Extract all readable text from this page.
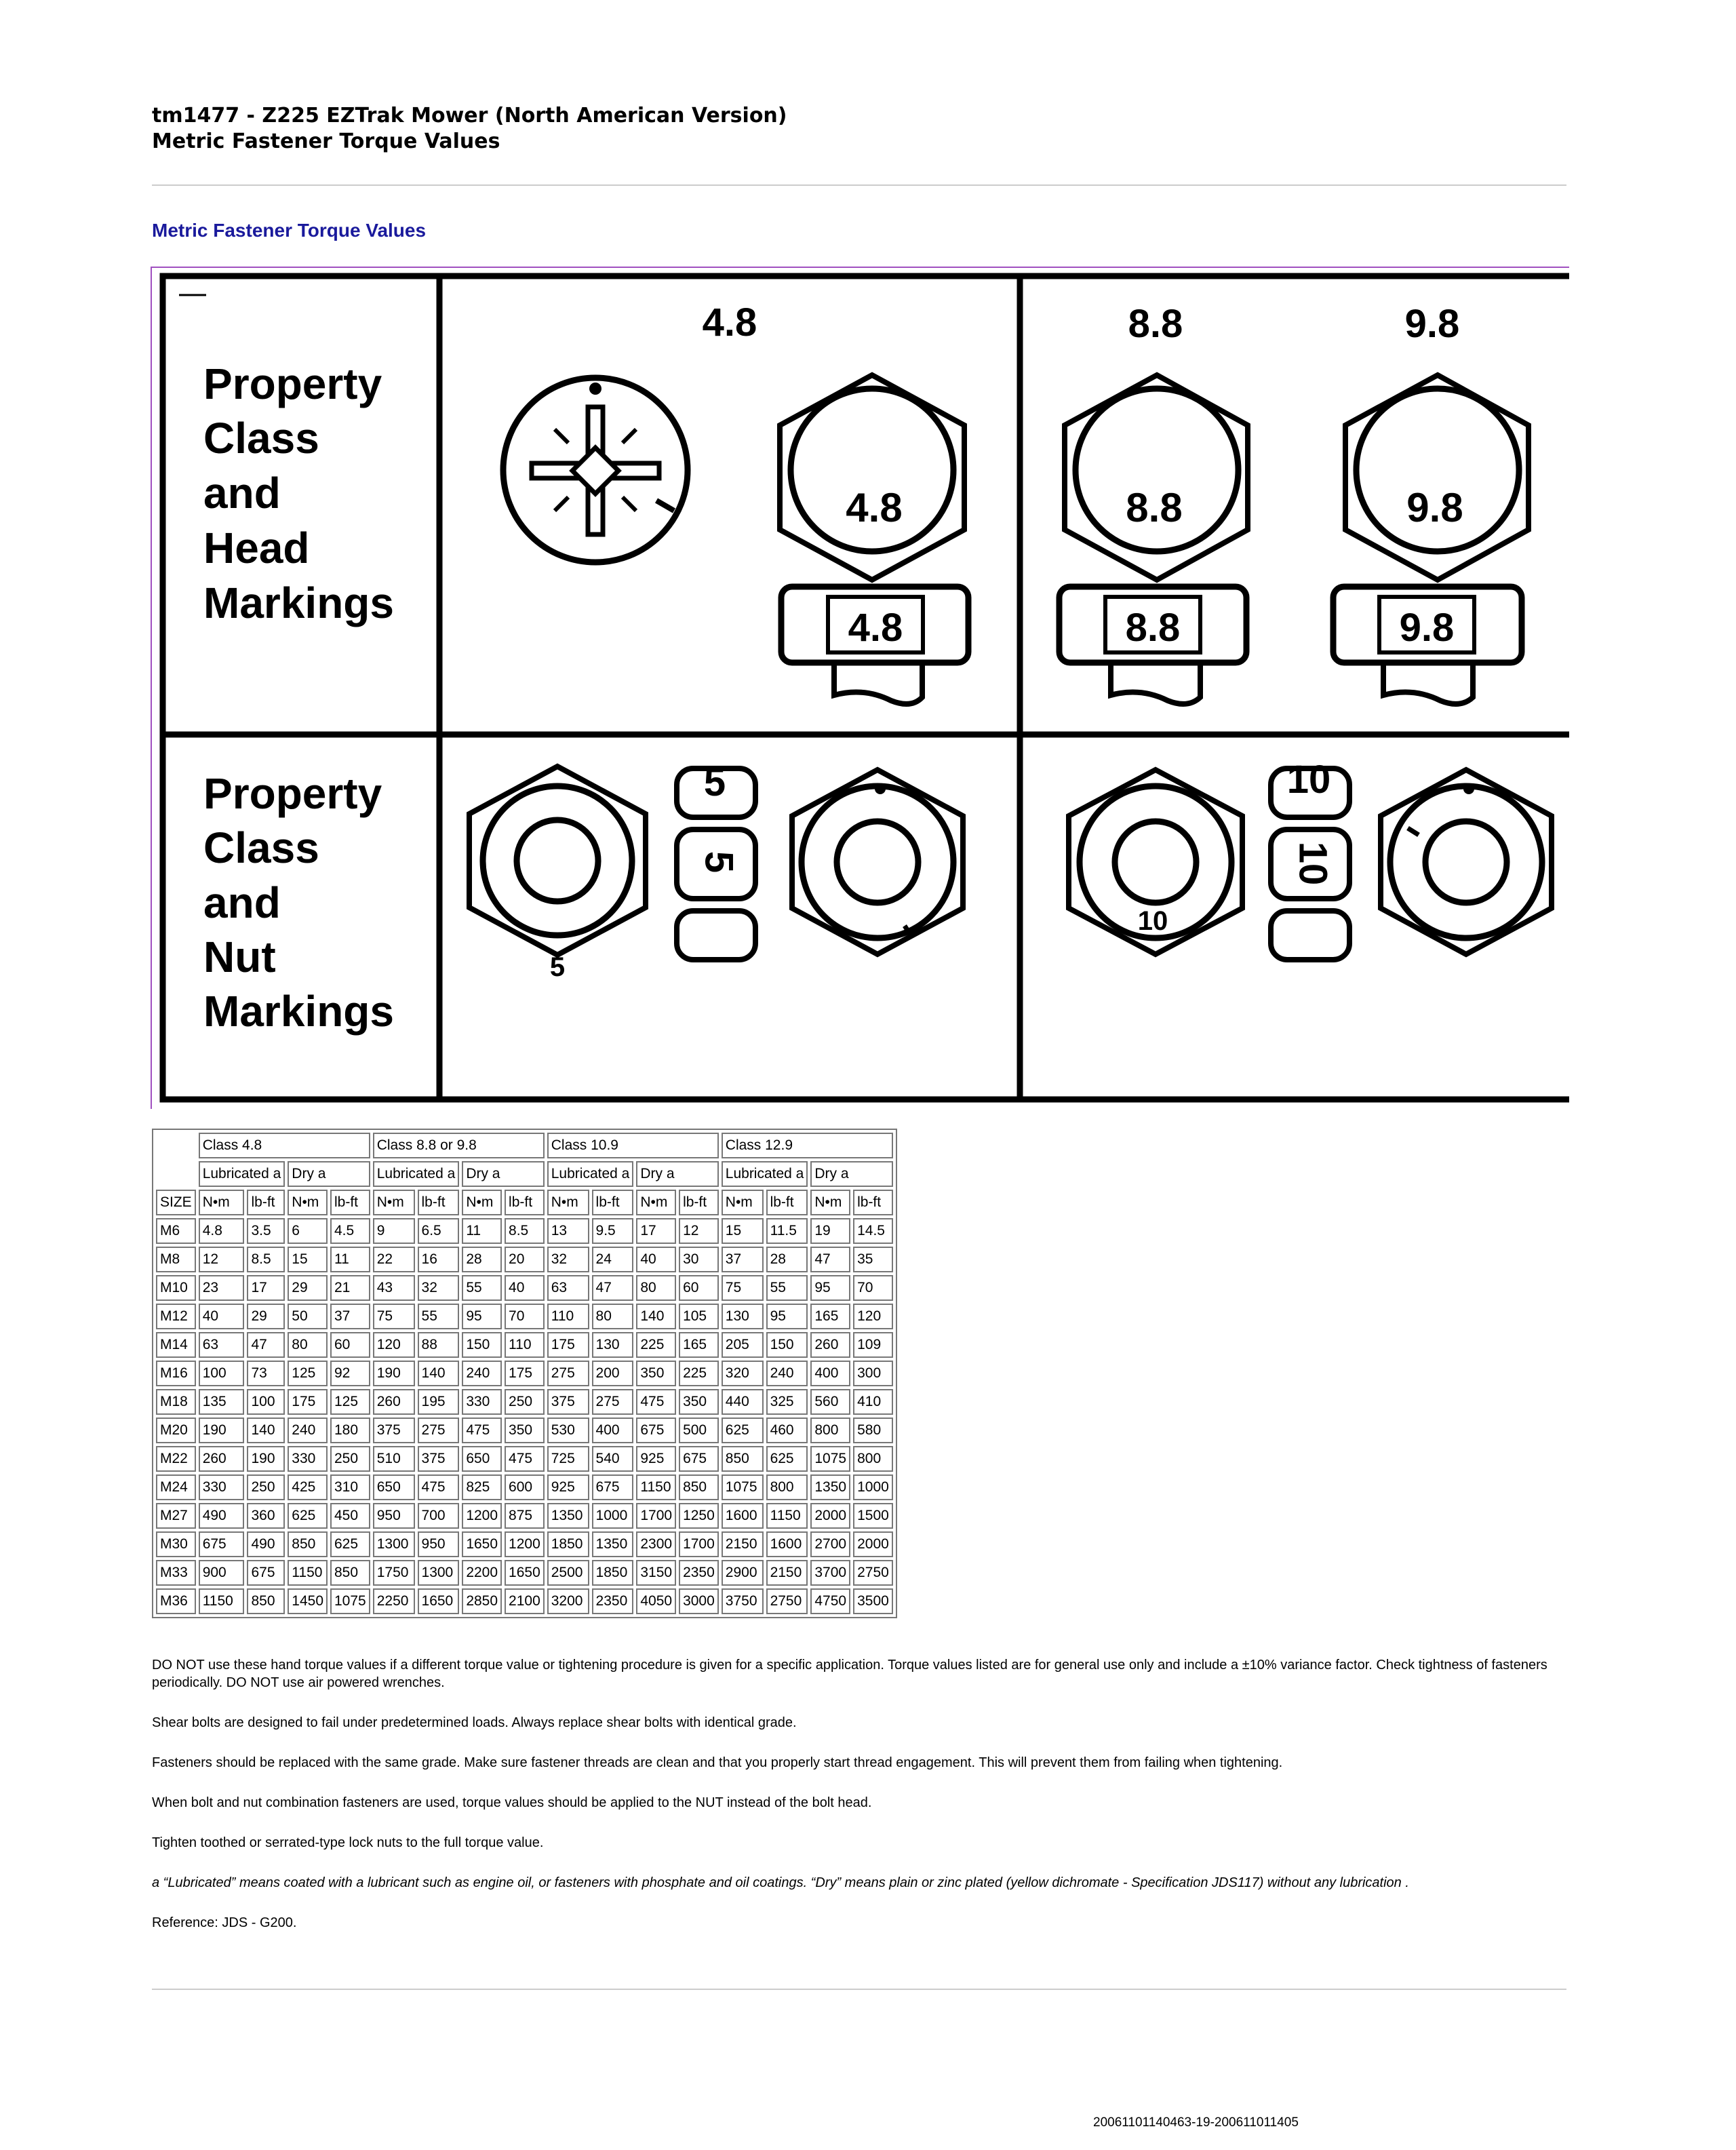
tm1477 - Z225 EZTrak Mower (North American Version)
Metric Fastener Torque Values
Metric Fastener Torque Values
Property
Class
and
Head
Markings
Property
Class
and
Nut
Markings
4.8	8.8	9.8
5	10
4.8
4.8
8.8
8.8
9.8
9.8
5
5
10
10
	Class 4.8				Class 8.8 or 9.8				Class 10.9				Class 12.9			
	Lubricated a		Dry a		Lubricated a		Dry a		Lubricated a		Dry a		Lubricated a		Dry a	
SIZE	N•m	lb-ft	N•m	lb-ft	N•m	lb-ft	N•m	lb-ft	N•m	lb-ft	N•m	lb-ft	N•m	lb-ft	N•m	lb-ft
M6	4.8	3.5	6	4.5	9	6.5	11	8.5	13	9.5	17	12	15	11.5	19	14.5
M8	12	8.5	15	11	22	16	28	20	32	24	40	30	37	28	47	35
M10	23	17	29	21	43	32	55	40	63	47	80	60	75	55	95	70
M12	40	29	50	37	75	55	95	70	110	80	140	105	130	95	165	120
M14	63	47	80	60	120	88	150	110	175	130	225	165	205	150	260	109
M16	100	73	125	92	190	140	240	175	275	200	350	225	320	240	400	300
M18	135	100	175	125	260	195	330	250	375	275	475	350	440	325	560	410
M20	190	140	240	180	375	275	475	350	530	400	675	500	625	460	800	580
M22	260	190	330	250	510	375	650	475	725	540	925	675	850	625	1075	800
M24	330	250	425	310	650	475	825	600	925	675	1150	850	1075	800	1350	1000
M27	490	360	625	450	950	700	1200	875	1350	1000	1700	1250	1600	1150	2000	1500
M30	675	490	850	625	1300	950	1650	1200	1850	1350	2300	1700	2150	1600	2700	2000
M33	900	675	1150	850	1750	1300	2200	1650	2500	1850	3150	2350	2900	2150	3700	2750
M36	1150	850	1450	1075	2250	1650	2850	2100	3200	2350	4050	3000	3750	2750	4750	3500

DO NOT use these hand torque values if a different torque value or tightening procedure is given for a specific application. Torque values listed are for general use only and include a ±10% variance factor. Check tightness of fasteners periodically. DO NOT use air powered wrenches.

Shear bolts are designed to fail under predetermined loads. Always replace shear bolts with identical grade.

Fasteners should be replaced with the same grade. Make sure fastener threads are clean and that you properly start thread engagement. This will prevent them from failing when tightening.

When bolt and nut combination fasteners are used, torque values should be applied to the NUT instead of the bolt head.

Tighten toothed or serrated-type lock nuts to the full torque value.

a “Lubricated” means coated with a lubricant such as engine oil, or fasteners with phosphate and oil coatings. “Dry” means plain or zinc plated (yellow dichromate - Specification JDS117) without any lubrication .

Reference: JDS - G200.

20061101140463-19-200611011405
